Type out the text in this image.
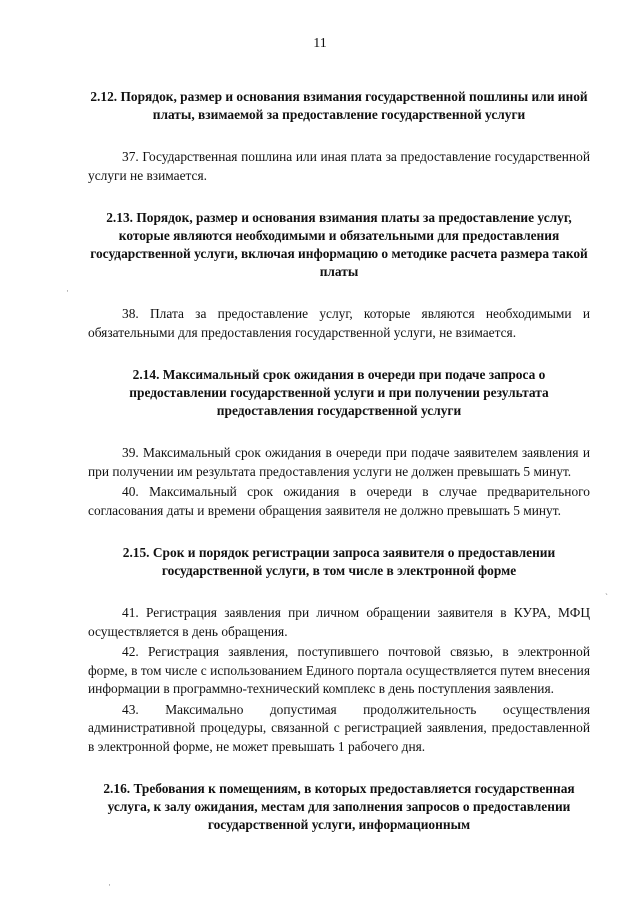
11
2.12. Порядок, размер и основания взимания государственной пошлины или иной платы, взимаемой за предоставление государственной услуги

37. Государственная пошлина или иная плата за предоставление государственной услуги не взимается.

2.13. Порядок, размер и основания взимания платы за предоставление услуг, которые являются необходимыми и обязательными для предоставления государственной услуги, включая информацию о методике расчета размера такой платы

38. Плата за предоставление услуг, которые являются необходимыми и обязательными для предоставления государственной услуги, не взимается.

2.14. Максимальный срок ожидания в очереди при подаче запроса о предоставлении государственной услуги и при получении результата предоставления государственной услуги

39. Максимальный срок ожидания в очереди при подаче заявителем заявления и при получении им результата предоставления услуги не должен превышать 5 минут.

40. Максимальный срок ожидания в очереди в случае предварительного согласования даты и времени обращения заявителя не должно превышать 5 минут.

2.15. Срок и порядок регистрации запроса заявителя о предоставлении государственной услуги, в том числе в электронной форме

41. Регистрация заявления при личном обращении заявителя в КУРА, МФЦ осуществляется в день обращения.

42. Регистрация заявления, поступившего почтовой связью, в электронной форме, в том числе с использованием Единого портала осуществляется путем внесения информации в программно-технический комплекс в день поступления заявления.

43. Максимально допустимая продолжительность осуществления административной процедуры, связанной с регистрацией заявления, предоставленной в электронной форме, не может превышать 1 рабочего дня.

2.16. Требования к помещениям, в которых предоставляется государственная услуга, к залу ожидания, местам для заполнения запросов о предоставлении государственной услуги, информационным
·
ˏ
·
